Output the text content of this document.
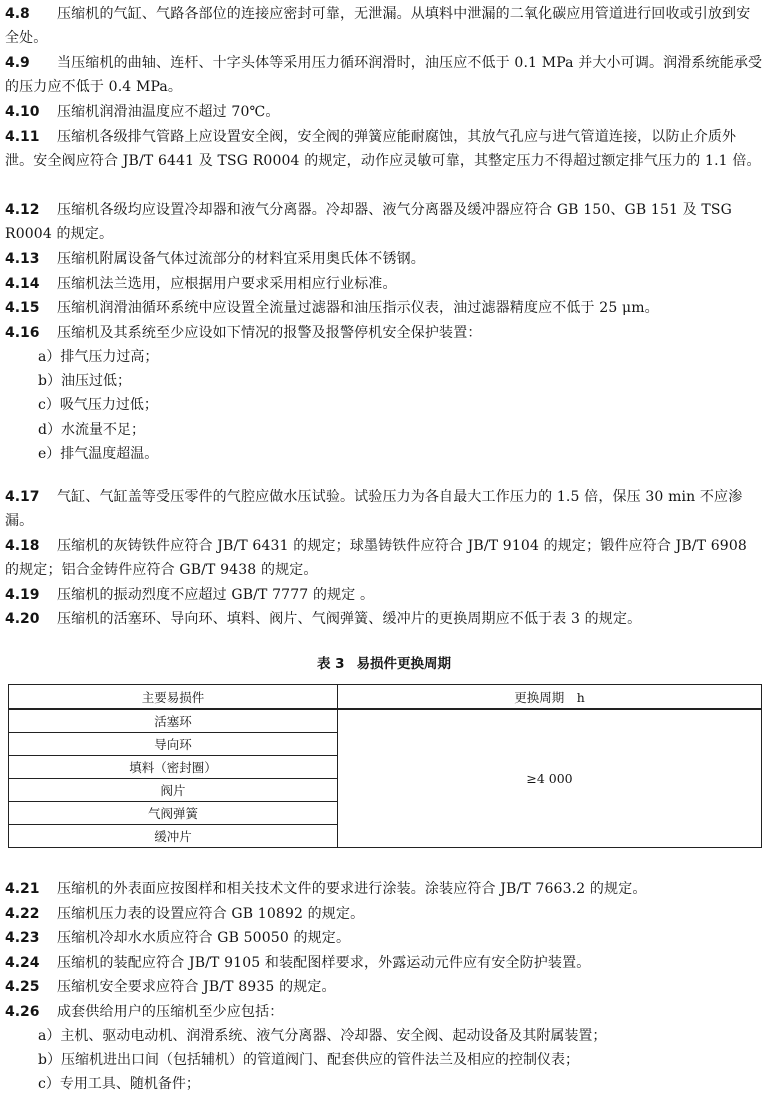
4.8 压缩机的气缸、气路各部位的连接应密封可靠，无泄漏。从填料中泄漏的二氧化碳应用管道进行回收或引放到安全处。
4.9 当压缩机的曲轴、连杆、十字头体等采用压力循环润滑时，油压应不低于 0.1 MPa 并大小可调。润滑系统能承受的压力应不低于 0.4 MPa。
4.10 压缩机润滑油温度应不超过 70℃。
4.11 压缩机各级排气管路上应设置安全阀，安全阀的弹簧应能耐腐蚀，其放气孔应与进气管道连接，以防止介质外泄。安全阀应符合 JB/T 6441 及 TSG R0004 的规定，动作应灵敏可靠，其整定压力不得超过额定排气压力的 1.1 倍。
4.12 压缩机各级均应设置冷却器和液气分离器。冷却器、液气分离器及缓冲器应符合 GB 150、GB 151 及 TSG R0004 的规定。
4.13 压缩机附属设备气体过流部分的材料宜采用奥氏体不锈钢。
4.14 压缩机法兰选用，应根据用户要求采用相应行业标准。
4.15 压缩机润滑油循环系统中应设置全流量过滤器和油压指示仪表，油过滤器精度应不低于 25 μm。
4.16 压缩机及其系统至少应设如下情况的报警及报警停机安全保护装置：
a）排气压力过高；
b）油压过低；
c）吸气压力过低；
d）水流量不足；
e）排气温度超温。
4.17 气缸、气缸盖等受压零件的气腔应做水压试验。试验压力为各自最大工作压力的 1.5 倍，保压 30 min 不应渗漏。
4.18 压缩机的灰铸铁件应符合 JB/T 6431 的规定；球墨铸铁件应符合 JB/T 9104 的规定；锻件应符合 JB/T 6908 的规定；铝合金铸件应符合 GB/T 9438 的规定。
4.19 压缩机的振动烈度不应超过 GB/T 7777 的规定 。
4.20 压缩机的活塞环、导向环、填料、阀片、气阀弹簧、缓冲片的更换周期应不低于表 3 的规定。
表 3 易损件更换周期
主要易损件	更换周期　h
活塞环	≥4 000
导向环	
填料（密封圈）	
阀片	
气阀弹簧	
缓冲片	
4.21 压缩机的外表面应按图样和相关技术文件的要求进行涂装。涂装应符合 JB/T 7663.2 的规定。
4.22 压缩机压力表的设置应符合 GB 10892 的规定。
4.23 压缩机冷却水水质应符合 GB 50050 的规定。
4.24 压缩机的装配应符合 JB/T 9105 和装配图样要求，外露运动元件应有安全防护装置。
4.25 压缩机安全要求应符合 JB/T 8935 的规定。
4.26 成套供给用户的压缩机至少应包括：
a）主机、驱动电动机、润滑系统、液气分离器、冷却器、安全阀、起动设备及其附属装置；
b）压缩机进出口间（包括辅机）的管道阀门、配套供应的管件法兰及相应的控制仪表；
c）专用工具、随机备件；
